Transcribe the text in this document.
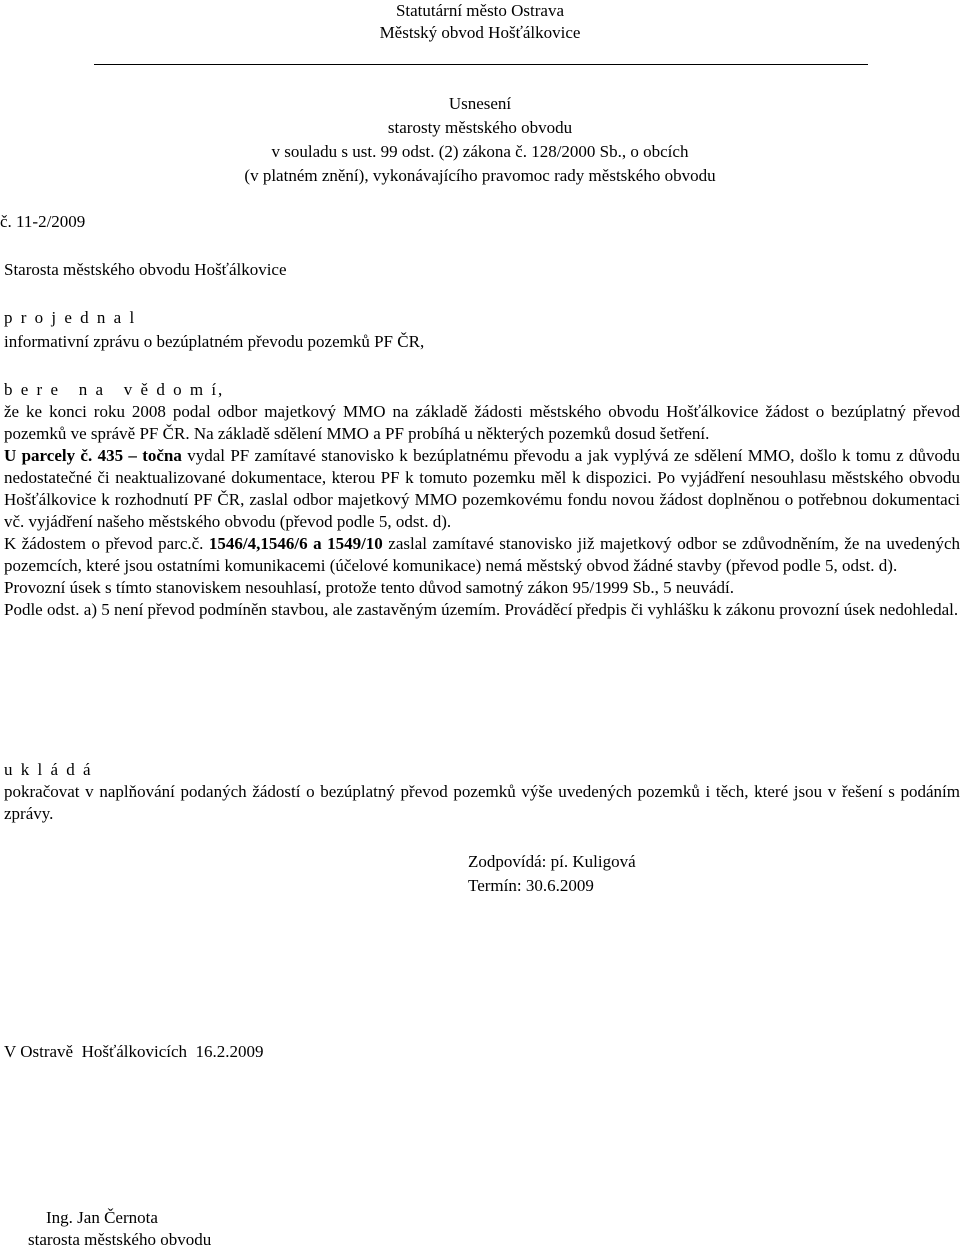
Statutární město Ostrava
Městský obvod Hošťálkovice
Usnesení
starosty městského obvodu
v souladu s ust. 99 odst. (2) zákona č. 128/2000 Sb., o obcích
(v platném znění), vykonávajícího pravomoc rady městského obvodu
č. 11-2/2009
Starosta městského obvodu Hošťálkovice
p r o j e d n a l
informativní zprávu o bezúplatném převodu pozemků PF ČR,
b e r e   n a   v ě d o m í,

že ke konci roku 2008 podal odbor majetkový MMO na základě žádosti městského obvodu Hošťálkovice žádost o bezúplatný převod pozemků ve správě PF ČR. Na základě sdělení MMO a PF probíhá u některých pozemků dosud šetření.

U parcely č. 435 – točna vydal PF zamítavé stanovisko k bezúplatnému převodu a jak vyplývá ze sdělení MMO, došlo k tomu z důvodu nedostatečné či neaktualizované dokumentace, kterou PF k tomuto pozemku měl k dispozici. Po vyjádření nesouhlasu městského obvodu Hošťálkovice k rozhodnutí PF ČR, zaslal odbor majetkový MMO pozemkovému fondu novou žádost doplněnou o potřebnou dokumentaci vč. vyjádření našeho městského obvodu (převod podle 5, odst. d).

K žádostem o převod parc.č. 1546/4,1546/6 a 1549/10 zaslal zamítavé stanovisko již majetkový odbor se zdůvodněním, že na uvedených pozemcích, které jsou ostatními komunikacemi (účelové komunikace) nemá městský obvod žádné stavby (převod podle 5, odst. d).

Provozní úsek s tímto stanoviskem nesouhlasí, protože tento důvod samotný zákon 95/1999 Sb., 5 neuvádí.

Podle odst. a) 5 není převod podmíněn stavbou, ale zastavěným územím. Prováděcí předpis či vyhlášku k zákonu provozní úsek nedohledal.

u k l á d á
pokračovat v naplňování podaných žádostí o bezúplatný převod pozemků výše uvedených pozemků i těch, které jsou v řešení s podáním zprávy.
Zodpovídá: pí. Kuligová
Termín: 30.6.2009
V Ostravě  Hošťálkovicích  16.2.2009
Ing. Jan Černota
starosta městského obvodu
